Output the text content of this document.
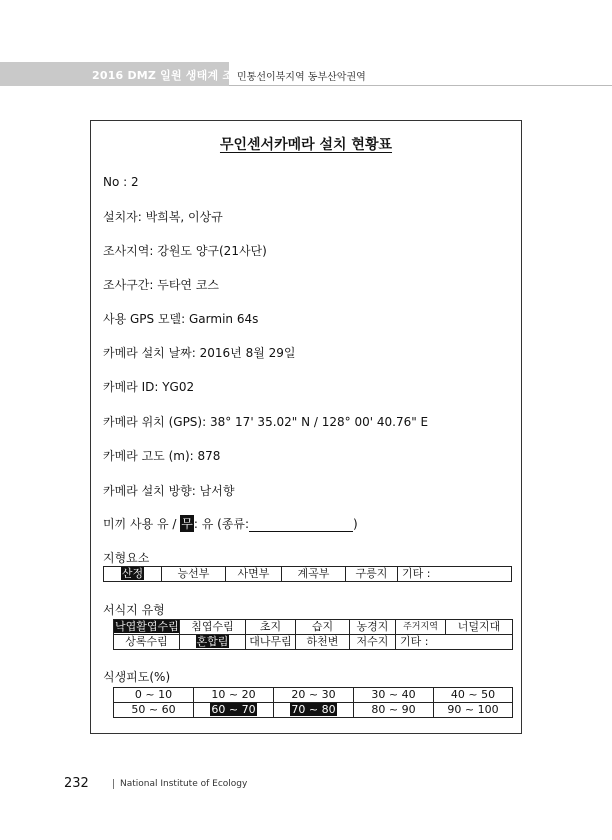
2016 DMZ 일원 생태계 조사
민통선이북지역 동부산악권역
무인센서카메라 설치 현황표
No : 2
설치자: 박희복, 이상규
조사지역: 강원도 양구(21사단)
조사구간: 두타연 코스
사용 GPS 모델: Garmin 64s
카메라 설치 날짜: 2016년 8월 29일
카메라 ID: YG02
카메라 위치 (GPS): 38° 17' 35.02" N / 128° 00' 40.76" E
카메라 고도 (m): 878
카메라 설치 방향: 남서향
미끼 사용 유 / 무: 유 (종류:	)
지형요소
산정	능선부	사면부	계곡부	구릉지	기타 :
서식지 유형
낙엽활엽수림	침엽수림	초지	습지	농경지	주거지역	너덜지대
상록수림	혼합림	대나무림	하천변	저수지	기타 :	
식생피도(%)
0 ~ 10	10 ~ 20	20 ~ 30	30 ~ 40	40 ~ 50
50 ~ 60	60 ~ 70	70 ~ 80	80 ~ 90	90 ~ 100
232	National Institute of Ecology
